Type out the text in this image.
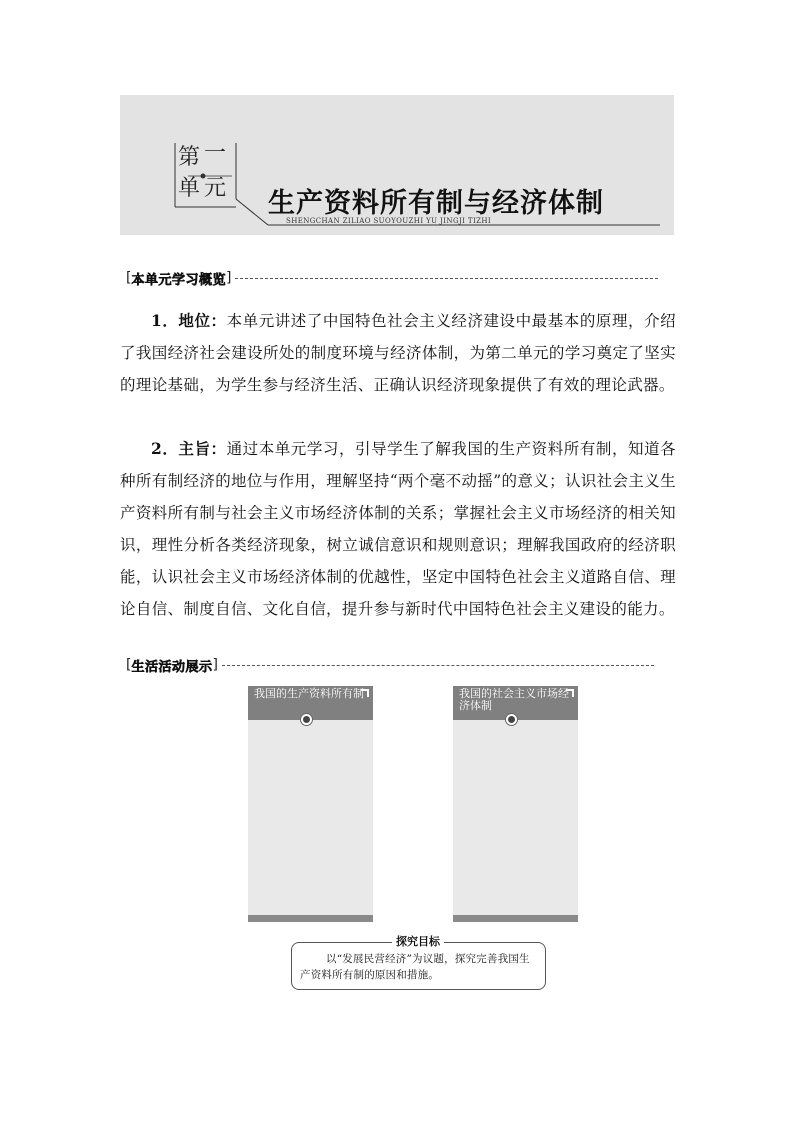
第 一
单 元 生产资料所有制与经济体制
SHENGCHAN ZILIAO SUOYOUZHI YU JINGJI TIZHI
[ 本单元学习概览 ]
1．地位：本单元讲述了中国特色社会主义经济建设中最基本的原理，介绍了我国经济社会建设所处的制度环境与经济体制，为第二单元的学习奠定了坚实的理论基础，为学生参与经济生活、正确认识经济现象提供了有效的理论武器。
2．主旨：通过本单元学习，引导学生了解我国的生产资料所有制，知道各种所有制经济的地位与作用，理解坚持“两个毫不动摇”的意义；认识社会主义生产资料所有制与社会主义市场经济体制的关系；掌握社会主义市场经济的相关知识，理性分析各类经济现象，树立诚信意识和规则意识；理解我国政府的经济职能，认识社会主义市场经济体制的优越性，坚定中国特色社会主义道路自信、理论自信、制度自信、文化自信，提升参与新时代中国特色社会主义建设的能力。
[ 生活活动展示 ]
我国的生产资料所有制	我国的社会主义市场经济体制
探究目标
以“发展民营经济”为议题，探究完善我国生产资料所有制的原因和措施。
